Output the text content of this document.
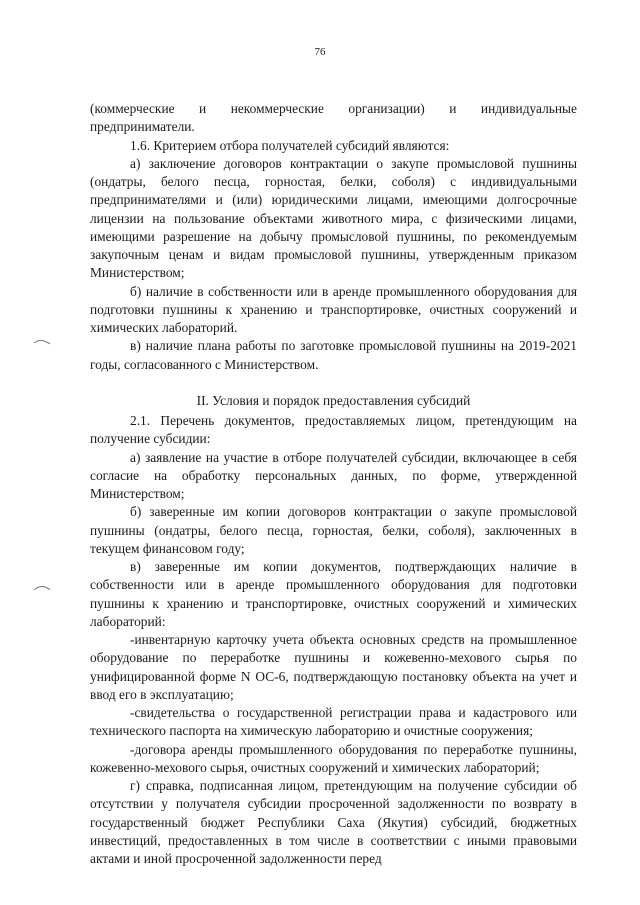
76

(коммерческие и некоммерческие организации) и индивидуальные предприниматели.

1.6. Критерием отбора получателей субсидий являются:

а) заключение договоров контрактации о закупе промысловой пушнины (ондатры, белого песца, горностая, белки, соболя) с индивидуальными предпринимателями и (или) юридическими лицами, имеющими долгосрочные лицензии на пользование объектами животного мира, с физическими лицами, имеющими разрешение на добычу промысловой пушнины, по рекомендуемым закупочным ценам и видам промысловой пушнины, утвержденным приказом Министерством;

б) наличие в собственности или в аренде промышленного оборудования для подготовки пушнины к хранению и транспортировке, очистных сооружений и химических лабораторий.

в) наличие плана работы по заготовке промысловой пушнины на 2019-2021 годы, согласованного с Министерством.

II. Условия и порядок предоставления субсидий

2.1. Перечень документов, предоставляемых лицом, претендующим на получение субсидии:

а) заявление на участие в отборе получателей субсидии, включающее в себя согласие на обработку персональных данных, по форме, утвержденной Министерством;

б) заверенные им копии договоров контрактации о закупе промысловой пушнины (ондатры, белого песца, горностая, белки, соболя), заключенных в текущем финансовом году;

в) заверенные им копии документов, подтверждающих наличие в собственности или в аренде промышленного оборудования для подготовки пушнины к хранению и транспортировке, очистных сооружений и химических лабораторий:

-инвентарную карточку учета объекта основных средств на промышленное оборудование по переработке пушнины и кожевенно-мехового сырья по унифицированной форме N ОС-6, подтверждающую постановку объекта на учет и ввод его в эксплуатацию;

-свидетельства о государственной регистрации права и кадастрового или технического паспорта на химическую лабораторию и очистные сооружения;

-договора аренды промышленного оборудования по переработке пушнины, кожевенно-мехового сырья, очистных сооружений и химических лабораторий;

г) справка, подписанная лицом, претендующим на получение субсидии об отсутствии у получателя субсидии просроченной задолженности по возврату в государственный бюджет Республики Саха (Якутия) субсидий, бюджетных инвестиций, предоставленных в том числе в соответствии с иными правовыми актами и иной просроченной задолженности перед
